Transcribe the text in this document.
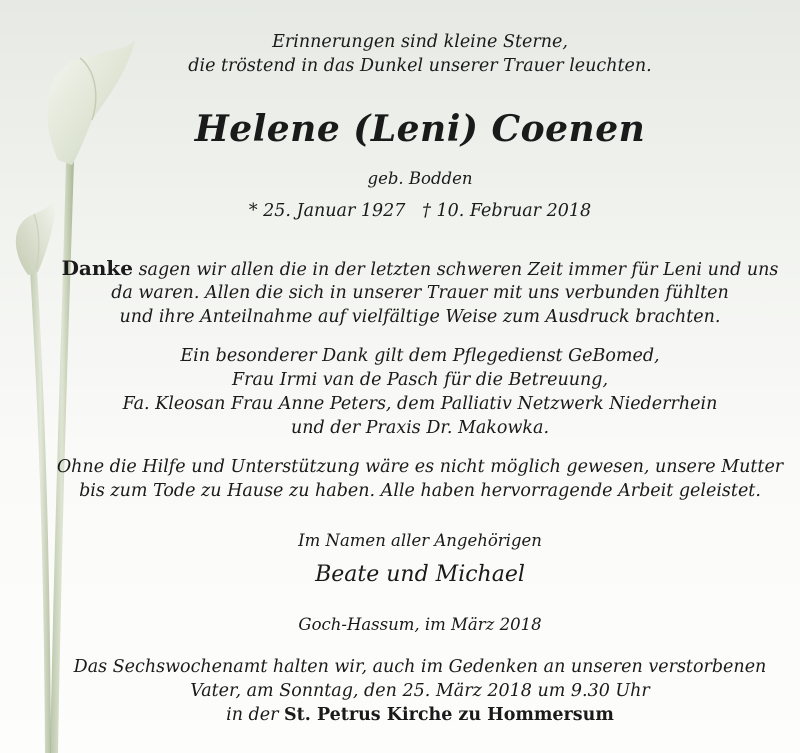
Erinnerungen sind kleine Sterne,

die tröstend in das Dunkel unserer Trauer leuchten.

Helene (Leni) Coenen

geb. Bodden

* 25. Januar 1927 † 10. Februar 2018

Danke sagen wir allen die in der letzten schweren Zeit immer für Leni und uns

da waren. Allen die sich in unserer Trauer mit uns verbunden fühlten

und ihre Anteilnahme auf vielfältige Weise zum Ausdruck brachten.

Ein besonderer Dank gilt dem Pflegedienst GeBomed,

Frau Irmi van de Pasch für die Betreuung,

Fa. Kleosan Frau Anne Peters, dem Palliativ Netzwerk Niederrhein

und der Praxis Dr. Makowka.

Ohne die Hilfe und Unterstützung wäre es nicht möglich gewesen, unsere Mutter

bis zum Tode zu Hause zu haben. Alle haben hervorragende Arbeit geleistet.

Im Namen aller Angehörigen

Beate und Michael

Goch-Hassum, im März 2018

Das Sechswochenamt halten wir, auch im Gedenken an unseren verstorbenen

Vater, am Sonntag, den 25. März 2018 um 9.30 Uhr

in der St. Petrus Kirche zu Hommersum
